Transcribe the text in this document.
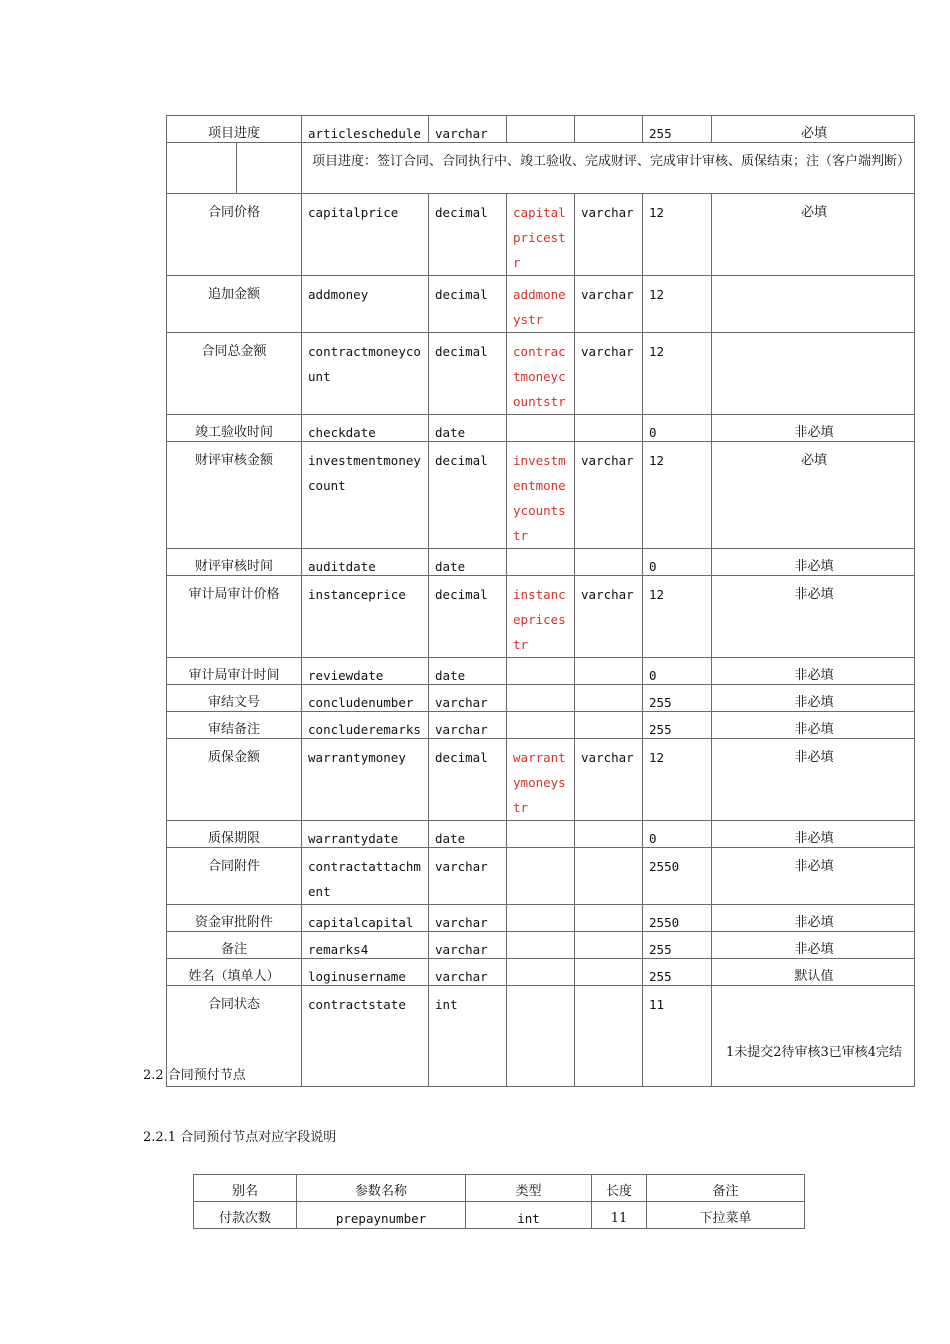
项目进度		articleschedule	varchar			255	必填
		项目进度：签订合同、合同执行中、竣工验收、完成财评、完成审计审核、质保结束；注（客户端判断）					
合同价格		capitalprice	decimal	capitalpricestr	varchar	12	必填
追加金额		addmoney	decimal	addmoneystr	varchar	12	
合同总金额		contractmoneycount	decimal	contractmoneycountstr	varchar	12	
竣工验收时间		checkdate	date			0	非必填
财评审核金额		investmentmoneycount	decimal	investmentmoneycountstr	varchar	12	必填
财评审核时间		auditdate	date			0	非必填
审计局审计价格		instanceprice	decimal	instancepricestr	varchar	12	非必填
审计局审计时间		reviewdate	date			0	非必填
审结文号		concludenumber	varchar			255	非必填
审结备注		concluderemarks	varchar			255	非必填
质保金额		warrantymoney	decimal	warrantymoneystr	varchar	12	非必填
质保期限		warrantydate	date			0	非必填
合同附件		contractattachment	varchar			2550	非必填
资金审批附件		capitalcapital	varchar			2550	非必填
备注		remarks4	varchar			255	非必填
姓名（填单人）		loginusername	varchar			255	默认值
合同状态		contractstate	int			11	1未提交2待审核3已审核4完结
2.2 合同预付节点
2.2.1 合同预付节点对应字段说明
别名	参数名称	类型	长度	备注
付款次数	prepaynumber	int	11	下拉菜单
